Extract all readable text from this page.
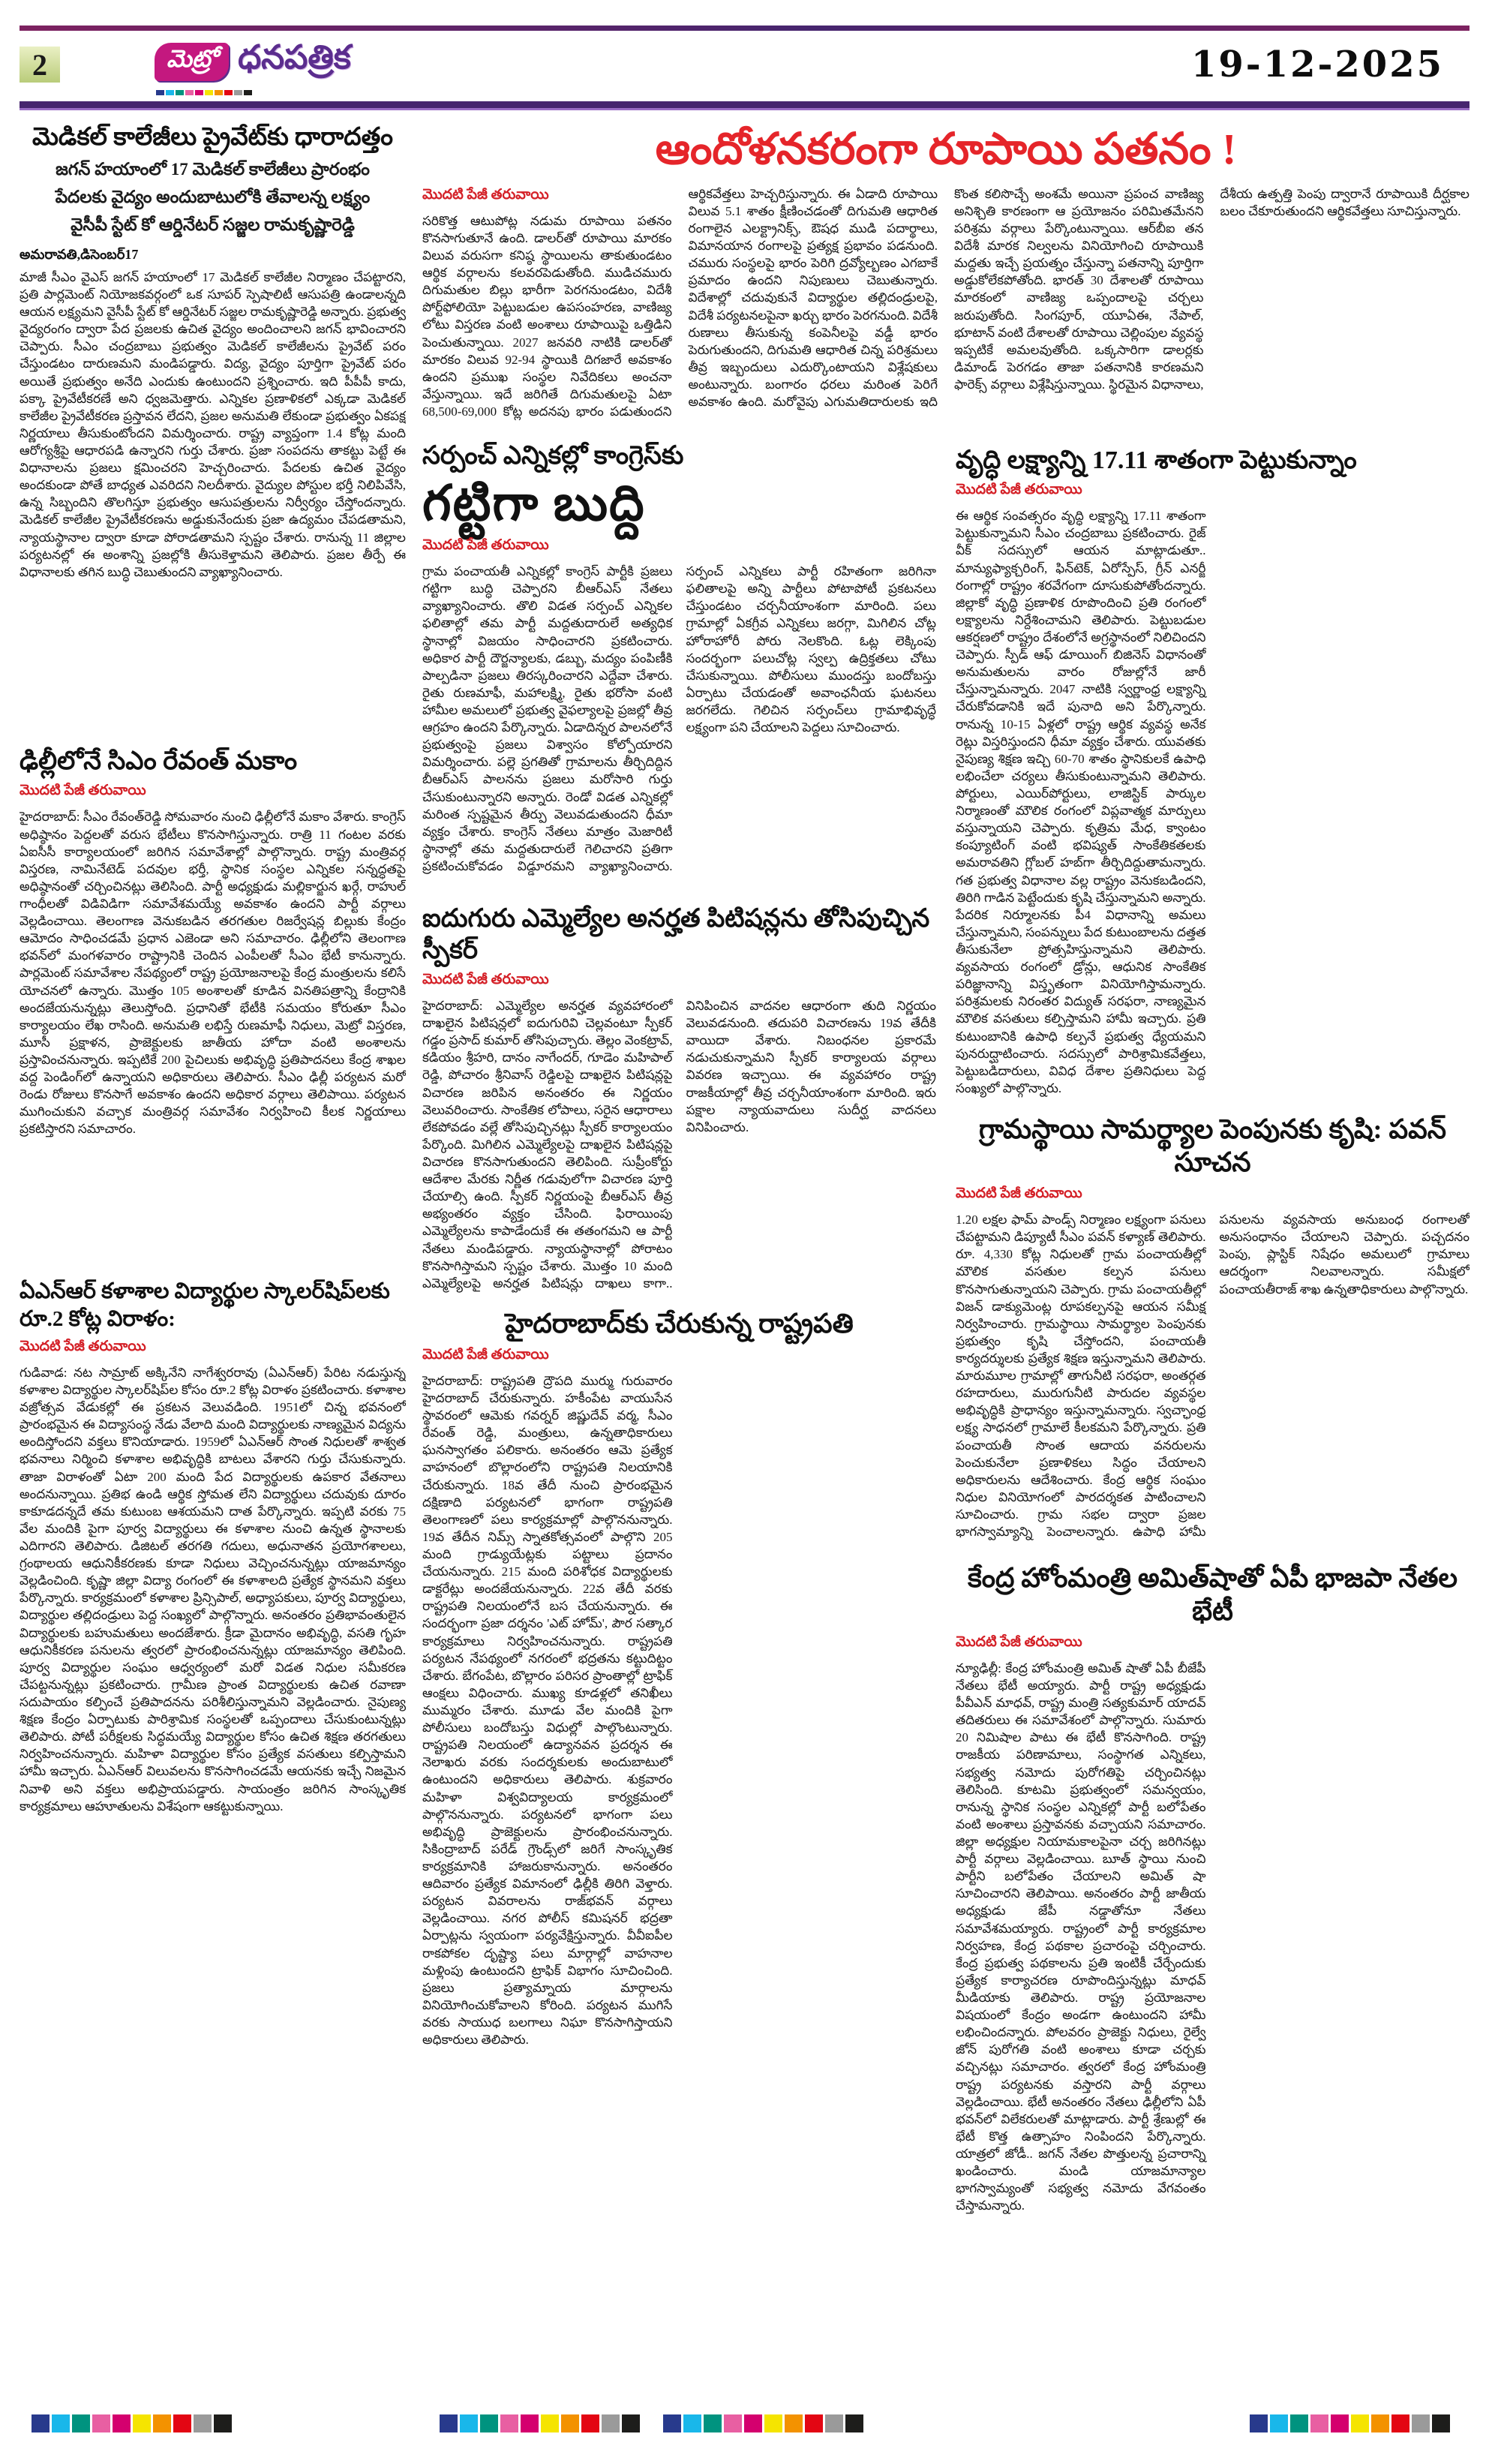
2	మెట్రో ధనపత్రిక	19-12-2025
మెడికల్ కాలేజీలు ప్రైవేట్‌కు ధారాదత్తం
జగన్ హయాంలో 17 మెడికల్ కాలేజీలు ప్రారంభం
పేదలకు వైద్యం అందుబాటులోకి తేవాలన్న లక్ష్యం
వైసీపీ స్టేట్ కో ఆర్డినేటర్ సజ్జల రామకృష్ణారెడ్డి
అమరావతి,డిసెంబర్17
మాజీ సీఎం వైఎస్ జగన్ హయాంలో 17 మెడికల్ కాలేజీల నిర్మాణం చేపట్టారని, ప్రతి పార్లమెంట్ నియోజకవర్గంలో ఒక సూపర్ స్పెషాలిటీ ఆసుపత్రి ఉండాలన్నది ఆయన లక్ష్యమని వైసీపీ స్టేట్ కో ఆర్డినేటర్ సజ్జల రామకృష్ణారెడ్డి అన్నారు. ప్రభుత్వ వైద్యరంగం ద్వారా పేద ప్రజలకు ఉచిత వైద్యం అందించాలని జగన్ భావించారని చెప్పారు. సీఎం చంద్రబాబు ప్రభుత్వం మెడికల్ కాలేజీలను ప్రైవేట్ పరం చేస్తుండటం దారుణమని మండిపడ్డారు. విద్య, వైద్యం పూర్తిగా ప్రైవేట్ పరం అయితే ప్రభుత్వం అనేది ఎందుకు ఉంటుందని ప్రశ్నించారు. ఇది పీపీపీ కాదు, పక్కా ప్రైవేటీకరణే అని ధ్వజమెత్తారు. ఎన్నికల ప్రణాళికలో ఎక్కడా మెడికల్ కాలేజీల ప్రైవేటీకరణ ప్రస్తావన లేదని, ప్రజల అనుమతి లేకుండా ప్రభుత్వం ఏకపక్ష నిర్ణయాలు తీసుకుంటోందని విమర్శించారు. రాష్ట్ర వ్యాప్తంగా 1.4 కోట్ల మంది ఆరోగ్యశ్రీపై ఆధారపడి ఉన్నారని గుర్తు చేశారు. ప్రజా సంపదను తాకట్టు పెట్టే ఈ విధానాలను ప్రజలు క్షమించరని హెచ్చరించారు. పేదలకు ఉచిత వైద్యం అందకుండా పోతే బాధ్యత ఎవరిదని నిలదీశారు. వైద్యుల పోస్టుల భర్తీ నిలిపివేసి, ఉన్న సిబ్బందిని తొలగిస్తూ ప్రభుత్వం ఆసుపత్రులను నిర్వీర్యం చేస్తోందన్నారు. మెడికల్ కాలేజీల ప్రైవేటీకరణను అడ్డుకునేందుకు ప్రజా ఉద్యమం చేపడతామని, న్యాయస్థానాల ద్వారా కూడా పోరాడతామని స్పష్టం చేశారు. రానున్న 11 జిల్లాల పర్యటనల్లో ఈ అంశాన్ని ప్రజల్లోకి తీసుకెళ్తామని తెలిపారు. ప్రజల తీర్పే ఈ విధానాలకు తగిన బుద్ధి చెబుతుందని వ్యాఖ్యానించారు.
ఢిల్లీలోనే సిఎం రేవంత్ మకాం
మొదటి పేజీ తరువాయి
హైదరాబాద్: సీఎం రేవంత్‌రెడ్డి సోమవారం నుంచి ఢిల్లీలోనే మకాం వేశారు. కాంగ్రెస్ అధిష్ఠానం పెద్దలతో వరుస భేటీలు కొనసాగిస్తున్నారు. రాత్రి 11 గంటల వరకు ఏఐసీసీ కార్యాలయంలో జరిగిన సమావేశాల్లో పాల్గొన్నారు. రాష్ట్ర మంత్రివర్గ విస్తరణ, నామినేటెడ్ పదవుల భర్తీ, స్థానిక సంస్థల ఎన్నికల సన్నద్ధతపై అధిష్ఠానంతో చర్చించినట్లు తెలిసింది. పార్టీ అధ్యక్షుడు మల్లికార్జున ఖర్గే, రాహుల్ గాంధీలతో విడివిడిగా సమావేశమయ్యే అవకాశం ఉందని పార్టీ వర్గాలు వెల్లడించాయి. తెలంగాణ వెనుకబడిన తరగతుల రిజర్వేషన్ల బిల్లుకు కేంద్రం ఆమోదం సాధించడమే ప్రధాన ఎజెండా అని సమాచారం. ఢిల్లీలోని తెలంగాణ భవన్‌లో మంగళవారం రాష్ట్రానికి చెందిన ఎంపీలతో సీఎం భేటీ కానున్నారు. పార్లమెంట్ సమావేశాల నేపథ్యంలో రాష్ట్ర ప్రయోజనాలపై కేంద్ర మంత్రులను కలిసే యోచనలో ఉన్నారు. మొత్తం 105 అంశాలతో కూడిన వినతిపత్రాన్ని కేంద్రానికి అందజేయనున్నట్లు తెలుస్తోంది. ప్రధానితో భేటీకి సమయం కోరుతూ సీఎం కార్యాలయం లేఖ రాసింది. అనుమతి లభిస్తే రుణమాఫీ నిధులు, మెట్రో విస్తరణ, మూసీ ప్రక్షాళన, ప్రాజెక్టులకు జాతీయ హోదా వంటి అంశాలను ప్రస్తావించనున్నారు. ఇప్పటికే 200 పైచిలుకు అభివృద్ధి ప్రతిపాదనలు కేంద్ర శాఖల వద్ద పెండింగ్‌లో ఉన్నాయని అధికారులు తెలిపారు. సీఎం ఢిల్లీ పర్యటన మరో రెండు రోజులు కొనసాగే అవకాశం ఉందని అధికార వర్గాలు తెలిపాయి. పర్యటన ముగించుకుని వచ్చాక మంత్రివర్గ సమావేశం నిర్వహించి కీలక నిర్ణయాలు ప్రకటిస్తారని సమాచారం.
ఏఎన్ఆర్ కళాశాల విద్యార్థుల స్కాలర్‌షిప్‌లకు రూ.2 కోట్ల విరాళం:
మొదటి పేజీ తరువాయి
గుడివాడ: నట సామ్రాట్ అక్కినేని నాగేశ్వరరావు (ఏఎన్ఆర్) పేరిట నడుస్తున్న కళాశాల విద్యార్థుల స్కాలర్‌షిప్‌ల కోసం రూ.2 కోట్ల విరాళం ప్రకటించారు. కళాశాల వజ్రోత్సవ వేడుకల్లో ఈ ప్రకటన వెలువడింది. 1951లో చిన్న భవనంలో ప్రారంభమైన ఈ విద్యాసంస్థ నేడు వేలాది మంది విద్యార్థులకు నాణ్యమైన విద్యను అందిస్తోందని వక్తలు కొనియాడారు. 1959లో ఏఎన్ఆర్ సొంత నిధులతో శాశ్వత భవనాలు నిర్మించి కళాశాల అభివృద్ధికి బాటలు వేశారని గుర్తు చేసుకున్నారు. తాజా విరాళంతో ఏటా 200 మంది పేద విద్యార్థులకు ఉపకార వేతనాలు అందనున్నాయి. ప్రతిభ ఉండి ఆర్థిక స్తోమత లేని విద్యార్థులు చదువుకు దూరం కాకూడదన్నదే తమ కుటుంబ ఆశయమని దాత పేర్కొన్నారు. ఇప్పటి వరకు 75 వేల మందికి పైగా పూర్వ విద్యార్థులు ఈ కళాశాల నుంచి ఉన్నత స్థానాలకు ఎదిగారని తెలిపారు. డిజిటల్ తరగతి గదులు, అధునాతన ప్రయోగశాలలు, గ్రంథాలయ ఆధునికీకరణకు కూడా నిధులు వెచ్చించనున్నట్లు యాజమాన్యం వెల్లడించింది. కృష్ణా జిల్లా విద్యా రంగంలో ఈ కళాశాలది ప్రత్యేక స్థానమని వక్తలు పేర్కొన్నారు. కార్యక్రమంలో కళాశాల ప్రిన్సిపాల్, అధ్యాపకులు, పూర్వ విద్యార్థులు, విద్యార్థుల తల్లిదండ్రులు పెద్ద సంఖ్యలో పాల్గొన్నారు. అనంతరం ప్రతిభావంతులైన విద్యార్థులకు బహుమతులు అందజేశారు. క్రీడా మైదానం అభివృద్ధి, వసతి గృహ ఆధునికీకరణ పనులను త్వరలో ప్రారంభించనున్నట్లు యాజమాన్యం తెలిపింది. పూర్వ విద్యార్థుల సంఘం ఆధ్వర్యంలో మరో విడత నిధుల సమీకరణ చేపట్టనున్నట్లు ప్రకటించారు. గ్రామీణ ప్రాంత విద్యార్థులకు ఉచిత రవాణా సదుపాయం కల్పించే ప్రతిపాదనను పరిశీలిస్తున్నామని వెల్లడించారు. నైపుణ్య శిక్షణ కేంద్రం ఏర్పాటుకు పారిశ్రామిక సంస్థలతో ఒప్పందాలు చేసుకుంటున్నట్లు తెలిపారు. పోటీ పరీక్షలకు సిద్ధమయ్యే విద్యార్థుల కోసం ఉచిత శిక్షణ తరగతులు నిర్వహించనున్నారు. మహిళా విద్యార్థుల కోసం ప్రత్యేక వసతులు కల్పిస్తామని హామీ ఇచ్చారు. ఏఎన్ఆర్ విలువలను కొనసాగించడమే ఆయనకు ఇచ్చే నిజమైన నివాళి అని వక్తలు అభిప్రాయపడ్డారు. సాయంత్రం జరిగిన సాంస్కృతిక కార్యక్రమాలు ఆహూతులను విశేషంగా ఆకట్టుకున్నాయి.
ఆందోళనకరంగా రూపాయి పతనం !
మొదటి పేజీ తరువాయి
సరికొత్త ఆటుపోట్ల నడుమ రూపాయి పతనం కొనసాగుతూనే ఉంది. డాలర్‌తో రూపాయి మారకం విలువ వరుసగా కనిష్ఠ స్థాయిలను తాకుతుండటం ఆర్థిక వర్గాలను కలవరపెడుతోంది. ముడిచమురు దిగుమతుల బిల్లు భారీగా పెరగనుండటం, విదేశీ పోర్ట్‌ఫోలియో పెట్టుబడుల ఉపసంహరణ, వాణిజ్య లోటు విస్తరణ వంటి అంశాలు రూపాయిపై ఒత్తిడిని పెంచుతున్నాయి. 2027 జనవరి నాటికి డాలర్‌తో మారకం విలువ 92-94 స్థాయికి దిగజారే అవకాశం ఉందని ప్రముఖ సంస్థల నివేదికలు అంచనా వేస్తున్నాయి. ఇదే జరిగితే దిగుమతులపై ఏటా 68,500-69,000 కోట్ల అదనపు భారం పడుతుందని ఆర్థికవేత్తలు హెచ్చరిస్తున్నారు. ఈ ఏడాది రూపాయి విలువ 5.1 శాతం క్షీణించడంతో దిగుమతి ఆధారిత రంగాలైన ఎలక్ట్రానిక్స్, ఔషధ ముడి పదార్థాలు, విమానయాన రంగాలపై ప్రత్యక్ష ప్రభావం పడనుంది. చమురు సంస్థలపై భారం పెరిగి ద్రవ్యోల్బణం ఎగబాకే ప్రమాదం ఉందని నిపుణులు చెబుతున్నారు. విదేశాల్లో చదువుకునే విద్యార్థుల తల్లిదండ్రులపై, విదేశీ పర్యటనలపైనా ఖర్చు భారం పెరగనుంది. విదేశీ రుణాలు తీసుకున్న కంపెనీలపై వడ్డీ భారం పెరుగుతుందని, దిగుమతి ఆధారిత చిన్న పరిశ్రమలు తీవ్ర ఇబ్బందులు ఎదుర్కొంటాయని విశ్లేషకులు అంటున్నారు. బంగారం ధరలు మరింత పెరిగే అవకాశం ఉంది. మరోవైపు ఎగుమతిదారులకు ఇది కొంత కలిసొచ్చే అంశమే అయినా ప్రపంచ వాణిజ్య అనిశ్చితి కారణంగా ఆ ప్రయోజనం పరిమితమేనని పరిశ్రమ వర్గాలు పేర్కొంటున్నాయి. ఆర్‌బీఐ తన విదేశీ మారక నిల్వలను వినియోగించి రూపాయికి మద్దతు ఇచ్చే ప్రయత్నం చేస్తున్నా పతనాన్ని పూర్తిగా అడ్డుకోలేకపోతోంది. భారత్ 30 దేశాలతో రూపాయి మారకంలో వాణిజ్య ఒప్పందాలపై చర్చలు జరుపుతోంది. సింగపూర్, యూఏఈ, నేపాల్, భూటాన్ వంటి దేశాలతో రూపాయి చెల్లింపుల వ్యవస్థ ఇప్పటికే అమలవుతోంది. ఒక్కసారిగా డాలర్లకు డిమాండ్ పెరగడం తాజా పతనానికి కారణమని ఫారెక్స్ వర్గాలు విశ్లేషిస్తున్నాయి. స్థిరమైన విధానాలు, దేశీయ ఉత్పత్తి పెంపు ద్వారానే రూపాయికి దీర్ఘకాల బలం చేకూరుతుందని ఆర్థికవేత్తలు సూచిస్తున్నారు.
సర్పంచ్ ఎన్నికల్లో కాంగ్రెస్‌కు
గట్టిగా బుద్ది
మొదటి పేజీ తరువాయి
గ్రామ పంచాయతీ ఎన్నికల్లో కాంగ్రెస్ పార్టీకి ప్రజలు గట్టిగా బుద్ధి చెప్పారని బీఆర్ఎస్ నేతలు వ్యాఖ్యానించారు. తొలి విడత సర్పంచ్ ఎన్నికల ఫలితాల్లో తమ పార్టీ మద్దతుదారులే అత్యధిక స్థానాల్లో విజయం సాధించారని ప్రకటించారు. అధికార పార్టీ దౌర్జన్యాలకు, డబ్బు, మద్యం పంపిణీకి పాల్పడినా ప్రజలు తిరస్కరించారని ఎద్దేవా చేశారు. రైతు రుణమాఫీ, మహాలక్ష్మి, రైతు భరోసా వంటి హామీల అమలులో ప్రభుత్వ వైఫల్యాలపై ప్రజల్లో తీవ్ర ఆగ్రహం ఉందని పేర్కొన్నారు. ఏడాదిన్నర పాలనలోనే ప్రభుత్వంపై ప్రజలు విశ్వాసం కోల్పోయారని విమర్శించారు. పల్లె ప్రగతితో గ్రామాలను తీర్చిదిద్దిన బీఆర్ఎస్ పాలనను ప్రజలు మరోసారి గుర్తు చేసుకుంటున్నారని అన్నారు. రెండో విడత ఎన్నికల్లో మరింత స్పష్టమైన తీర్పు వెలువడుతుందని ధీమా వ్యక్తం చేశారు. కాంగ్రెస్ నేతలు మాత్రం మెజారిటీ స్థానాల్లో తమ మద్దతుదారులే గెలిచారని ప్రతిగా ప్రకటించుకోవడం విడ్డూరమని వ్యాఖ్యానించారు. సర్పంచ్ ఎన్నికలు పార్టీ రహితంగా జరిగినా ఫలితాలపై అన్ని పార్టీలు పోటాపోటీ ప్రకటనలు చేస్తుండటం చర్చనీయాంశంగా మారింది. పలు గ్రామాల్లో ఏకగ్రీవ ఎన్నికలు జరగ్గా, మిగిలిన చోట్ల హోరాహోరీ పోరు నెలకొంది. ఓట్ల లెక్కింపు సందర్భంగా పలుచోట్ల స్వల్ప ఉద్రిక్తతలు చోటు చేసుకున్నాయి. పోలీసులు ముందస్తు బందోబస్తు ఏర్పాటు చేయడంతో అవాంఛనీయ ఘటనలు జరగలేదు. గెలిచిన సర్పంచ్‌లు గ్రామాభివృద్ధే లక్ష్యంగా పని చేయాలని పెద్దలు సూచించారు.
ఐదుగురు ఎమ్మెల్యేల అనర్హత పిటిషన్లను తోసిపుచ్చిన స్పీకర్
మొదటి పేజీ తరువాయి
హైదరాబాద్: ఎమ్మెల్యేల అనర్హత వ్యవహారంలో దాఖలైన పిటిషన్లలో ఐదుగురివి చెల్లవంటూ స్పీకర్ గడ్డం ప్రసాద్ కుమార్ తోసిపుచ్చారు. తెల్లం వెంకట్రావ్, కడియం శ్రీహరి, దానం నాగేందర్, గూడెం మహిపాల్ రెడ్డి, పోచారం శ్రీనివాస్ రెడ్డిలపై దాఖలైన పిటిషన్లపై విచారణ జరిపిన అనంతరం ఈ నిర్ణయం వెలువరించారు. సాంకేతిక లోపాలు, సరైన ఆధారాలు లేకపోవడం వల్లే తోసిపుచ్చినట్లు స్పీకర్ కార్యాలయం పేర్కొంది. మిగిలిన ఎమ్మెల్యేలపై దాఖలైన పిటిషన్లపై విచారణ కొనసాగుతుందని తెలిపింది. సుప్రీంకోర్టు ఆదేశాల మేరకు నిర్ణీత గడువులోగా విచారణ పూర్తి చేయాల్సి ఉంది. స్పీకర్ నిర్ణయంపై బీఆర్ఎస్ తీవ్ర అభ్యంతరం వ్యక్తం చేసింది. ఫిరాయింపు ఎమ్మెల్యేలను కాపాడేందుకే ఈ తతంగమని ఆ పార్టీ నేతలు మండిపడ్డారు. న్యాయస్థానాల్లో పోరాటం కొనసాగిస్తామని స్పష్టం చేశారు. మొత్తం 10 మంది ఎమ్మెల్యేలపై అనర్హత పిటిషన్లు దాఖలు కాగా.. వినిపించిన వాదనల ఆధారంగా తుది నిర్ణయం వెలువడనుంది. తదుపరి విచారణను 19వ తేదీకి వాయిదా వేశారు. నిబంధనల ప్రకారమే నడుచుకున్నామని స్పీకర్ కార్యాలయ వర్గాలు వివరణ ఇచ్చాయి. ఈ వ్యవహారం రాష్ట్ర రాజకీయాల్లో తీవ్ర చర్చనీయాంశంగా మారింది. ఇరు పక్షాల న్యాయవాదులు సుదీర్ఘ వాదనలు వినిపించారు.
హైదరాబాద్‌కు చేరుకున్న రాష్ట్రపతి
మొదటి పేజీ తరువాయి
హైదరాబాద్: రాష్ట్రపతి ద్రౌపది ముర్ము గురువారం హైదరాబాద్ చేరుకున్నారు. హకీంపేట వాయుసేన స్థావరంలో ఆమెకు గవర్నర్ జిష్ణుదేవ్ వర్మ, సీఎం రేవంత్ రెడ్డి, మంత్రులు, ఉన్నతాధికారులు ఘనస్వాగతం పలికారు. అనంతరం ఆమె ప్రత్యేక వాహనంలో బొల్లారంలోని రాష్ట్రపతి నిలయానికి చేరుకున్నారు. 18వ తేదీ నుంచి ప్రారంభమైన దక్షిణాది పర్యటనలో భాగంగా రాష్ట్రపతి తెలంగాణలో పలు కార్యక్రమాల్లో పాల్గొననున్నారు. 19వ తేదీన నిమ్స్ స్నాతకోత్సవంలో పాల్గొని 205 మంది గ్రాడ్యుయేట్లకు పట్టాలు ప్రదానం చేయనున్నారు. 215 మంది పరిశోధక విద్యార్థులకు డాక్టరేట్లు అందజేయనున్నారు. 22వ తేదీ వరకు రాష్ట్రపతి నిలయంలోనే బస చేయనున్నారు. ఈ సందర్భంగా ప్రజా దర్శనం 'ఎట్ హోమ్', పౌర సత్కార కార్యక్రమాలు నిర్వహించనున్నారు. రాష్ట్రపతి పర్యటన నేపథ్యంలో నగరంలో భద్రతను కట్టుదిట్టం చేశారు. బేగంపేట, బొల్లారం పరిసర ప్రాంతాల్లో ట్రాఫిక్ ఆంక్షలు విధించారు. ముఖ్య కూడళ్లలో తనిఖీలు ముమ్మరం చేశారు. మూడు వేల మందికి పైగా పోలీసులు బందోబస్తు విధుల్లో పాల్గొంటున్నారు. రాష్ట్రపతి నిలయంలో ఉద్యానవన ప్రదర్శన ఈ నెలాఖరు వరకు సందర్శకులకు అందుబాటులో ఉంటుందని అధికారులు తెలిపారు. శుక్రవారం మహిళా విశ్వవిద్యాలయ కార్యక్రమంలో పాల్గొననున్నారు. పర్యటనలో భాగంగా పలు అభివృద్ధి ప్రాజెక్టులను ప్రారంభించనున్నారు. సికింద్రాబాద్ పరేడ్ గ్రౌండ్స్‌లో జరిగే సాంస్కృతిక కార్యక్రమానికి హాజరుకానున్నారు. అనంతరం ఆదివారం ప్రత్యేక విమానంలో ఢిల్లీకి తిరిగి వెళ్తారు. పర్యటన వివరాలను రాజ్‌భవన్ వర్గాలు వెల్లడించాయి. నగర పోలీస్ కమిషనర్ భద్రతా ఏర్పాట్లను స్వయంగా పర్యవేక్షిస్తున్నారు. వీవీఐపీల రాకపోకల దృష్ట్యా పలు మార్గాల్లో వాహనాల మళ్లింపు ఉంటుందని ట్రాఫిక్ విభాగం సూచించింది. ప్రజలు ప్రత్యామ్నాయ మార్గాలను వినియోగించుకోవాలని కోరింది. పర్యటన ముగిసే వరకు సాయుధ బలగాలు నిఘా కొనసాగిస్తాయని అధికారులు తెలిపారు.
వృద్ధి లక్ష్యాన్ని 17.11 శాతంగా పెట్టుకున్నాం
మొదటి పేజీ తరువాయి
ఈ ఆర్థిక సంవత్సరం వృద్ధి లక్ష్యాన్ని 17.11 శాతంగా పెట్టుకున్నామని సీఎం చంద్రబాబు ప్రకటించారు. రైజ్ వీక్ సదస్సులో ఆయన మాట్లాడుతూ.. మాన్యుఫ్యాక్చరింగ్, ఫిన్‌టెక్, ఏరోస్పేస్, గ్రీన్ ఎనర్జీ రంగాల్లో రాష్ట్రం శరవేగంగా దూసుకుపోతోందన్నారు. జిల్లాకో వృద్ధి ప్రణాళిక రూపొందించి ప్రతి రంగంలో లక్ష్యాలను నిర్దేశించామని తెలిపారు. పెట్టుబడుల ఆకర్షణలో రాష్ట్రం దేశంలోనే అగ్రస్థానంలో నిలిచిందని చెప్పారు. స్పీడ్ ఆఫ్ డూయింగ్ బిజినెస్ విధానంతో అనుమతులను వారం రోజుల్లోనే జారీ చేస్తున్నామన్నారు. 2047 నాటికి స్వర్ణాంధ్ర లక్ష్యాన్ని చేరుకోవడానికి ఇదే పునాది అని పేర్కొన్నారు. రానున్న 10-15 ఏళ్లలో రాష్ట్ర ఆర్థిక వ్యవస్థ అనేక రెట్లు విస్తరిస్తుందని ధీమా వ్యక్తం చేశారు. యువతకు నైపుణ్య శిక్షణ ఇచ్చి 60-70 శాతం స్థానికులకే ఉపాధి లభించేలా చర్యలు తీసుకుంటున్నామని తెలిపారు. పోర్టులు, ఎయిర్‌పోర్టులు, లాజిస్టిక్ పార్కుల నిర్మాణంతో మౌలిక రంగంలో విప్లవాత్మక మార్పులు వస్తున్నాయని చెప్పారు. కృత్రిమ మేధ, క్వాంటం కంప్యూటింగ్ వంటి భవిష్యత్ సాంకేతికతలకు అమరావతిని గ్లోబల్ హబ్‌గా తీర్చిదిద్దుతామన్నారు. గత ప్రభుత్వ విధానాల వల్ల రాష్ట్రం వెనుకబడిందని, తిరిగి గాడిన పెట్టేందుకు కృషి చేస్తున్నామని అన్నారు. పేదరిక నిర్మూలనకు పీ4 విధానాన్ని అమలు చేస్తున్నామని, సంపన్నులు పేద కుటుంబాలను దత్తత తీసుకునేలా ప్రోత్సహిస్తున్నామని తెలిపారు. వ్యవసాయ రంగంలో డ్రోన్లు, ఆధునిక సాంకేతిక పరిజ్ఞానాన్ని విస్తృతంగా వినియోగిస్తామన్నారు. పరిశ్రమలకు నిరంతర విద్యుత్ సరఫరా, నాణ్యమైన మౌలిక వసతులు కల్పిస్తామని హామీ ఇచ్చారు. ప్రతి కుటుంబానికి ఉపాధి కల్పనే ప్రభుత్వ ధ్యేయమని పునరుద్ఘాటించారు. సదస్సులో పారిశ్రామికవేత్తలు, పెట్టుబడిదారులు, వివిధ దేశాల ప్రతినిధులు పెద్ద సంఖ్యలో పాల్గొన్నారు.
గ్రామస్థాయి సామర్థ్యాల పెంపునకు కృషి: పవన్ సూచన
మొదటి పేజీ తరువాయి
1.20 లక్షల ఫామ్ పాండ్స్ నిర్మాణం లక్ష్యంగా పనులు చేపట్టామని డిప్యూటీ సీఎం పవన్ కళ్యాణ్ తెలిపారు. రూ. 4,330 కోట్ల నిధులతో గ్రామ పంచాయతీల్లో మౌలిక వసతుల కల్పన పనులు కొనసాగుతున్నాయని చెప్పారు. గ్రామ పంచాయతీల్లో విజన్ డాక్యుమెంట్ల రూపకల్పనపై ఆయన సమీక్ష నిర్వహించారు. గ్రామస్థాయి సామర్థ్యాల పెంపునకు ప్రభుత్వం కృషి చేస్తోందని, పంచాయతీ కార్యదర్శులకు ప్రత్యేక శిక్షణ ఇస్తున్నామని తెలిపారు. మారుమూల గ్రామాల్లో తాగునీటి సరఫరా, అంతర్గత రహదారులు, మురుగునీటి పారుదల వ్యవస్థల అభివృద్ధికి ప్రాధాన్యం ఇస్తున్నామన్నారు. స్వచ్ఛాంధ్ర లక్ష్య సాధనలో గ్రామాలే కీలకమని పేర్కొన్నారు. ప్రతి పంచాయతీ సొంత ఆదాయ వనరులను పెంచుకునేలా ప్రణాళికలు సిద్ధం చేయాలని అధికారులను ఆదేశించారు. కేంద్ర ఆర్థిక సంఘం నిధుల వినియోగంలో పారదర్శకత పాటించాలని సూచించారు. గ్రామ సభల ద్వారా ప్రజల భాగస్వామ్యాన్ని పెంచాలన్నారు. ఉపాధి హామీ పనులను వ్యవసాయ అనుబంధ రంగాలతో అనుసంధానం చేయాలని చెప్పారు. పచ్చదనం పెంపు, ప్లాస్టిక్ నిషేధం అమలులో గ్రామాలు ఆదర్శంగా నిలవాలన్నారు. సమీక్షలో పంచాయతీరాజ్ శాఖ ఉన్నతాధికారులు పాల్గొన్నారు.
కేంద్ర హోంమంత్రి అమిత్‌షాతో ఏపీ భాజపా నేతల భేటీ
మొదటి పేజీ తరువాయి
న్యూఢిల్లీ: కేంద్ర హోంమంత్రి అమిత్ షాతో ఏపీ బీజేపీ నేతలు భేటీ అయ్యారు. పార్టీ రాష్ట్ర అధ్యక్షుడు పీవీఎన్ మాధవ్, రాష్ట్ర మంత్రి సత్యకుమార్ యాదవ్ తదితరులు ఈ సమావేశంలో పాల్గొన్నారు. సుమారు 20 నిమిషాల పాటు ఈ భేటీ కొనసాగింది. రాష్ట్ర రాజకీయ పరిణామాలు, సంస్థాగత ఎన్నికలు, సభ్యత్వ నమోదు పురోగతిపై చర్చించినట్లు తెలిసింది. కూటమి ప్రభుత్వంలో సమన్వయం, రానున్న స్థానిక సంస్థల ఎన్నికల్లో పార్టీ బలోపేతం వంటి అంశాలు ప్రస్తావనకు వచ్చాయని సమాచారం. జిల్లా అధ్యక్షుల నియామకాలపైనా చర్చ జరిగినట్లు పార్టీ వర్గాలు వెల్లడించాయి. బూత్ స్థాయి నుంచి పార్టీని బలోపేతం చేయాలని అమిత్ షా సూచించారని తెలిపాయి. అనంతరం పార్టీ జాతీయ అధ్యక్షుడు జేపీ నడ్డాతోనూ నేతలు సమావేశమయ్యారు. రాష్ట్రంలో పార్టీ కార్యక్రమాల నిర్వహణ, కేంద్ర పథకాల ప్రచారంపై చర్చించారు. కేంద్ర ప్రభుత్వ పథకాలను ప్రతి ఇంటికీ చేర్చేందుకు ప్రత్యేక కార్యాచరణ రూపొందిస్తున్నట్లు మాధవ్ మీడియాకు తెలిపారు. రాష్ట్ర ప్రయోజనాల విషయంలో కేంద్రం అండగా ఉంటుందని హామీ లభించిందన్నారు. పోలవరం ప్రాజెక్టు నిధులు, రైల్వే జోన్ పురోగతి వంటి అంశాలు కూడా చర్చకు వచ్చినట్లు సమాచారం. త్వరలో కేంద్ర హోంమంత్రి రాష్ట్ర పర్యటనకు వస్తారని పార్టీ వర్గాలు వెల్లడించాయి. భేటీ అనంతరం నేతలు ఢిల్లీలోని ఏపీ భవన్‌లో విలేకరులతో మాట్లాడారు. పార్టీ శ్రేణుల్లో ఈ భేటీ కొత్త ఉత్సాహం నింపిందని పేర్కొన్నారు. యాత్రలో జోడీ.. జగన్ నేతల పొత్తులన్న ప్రచారాన్ని ఖండించారు. మండి యాజమాన్యాల భాగస్వామ్యంతో సభ్యత్వ నమోదు వేగవంతం చేస్తామన్నారు.
